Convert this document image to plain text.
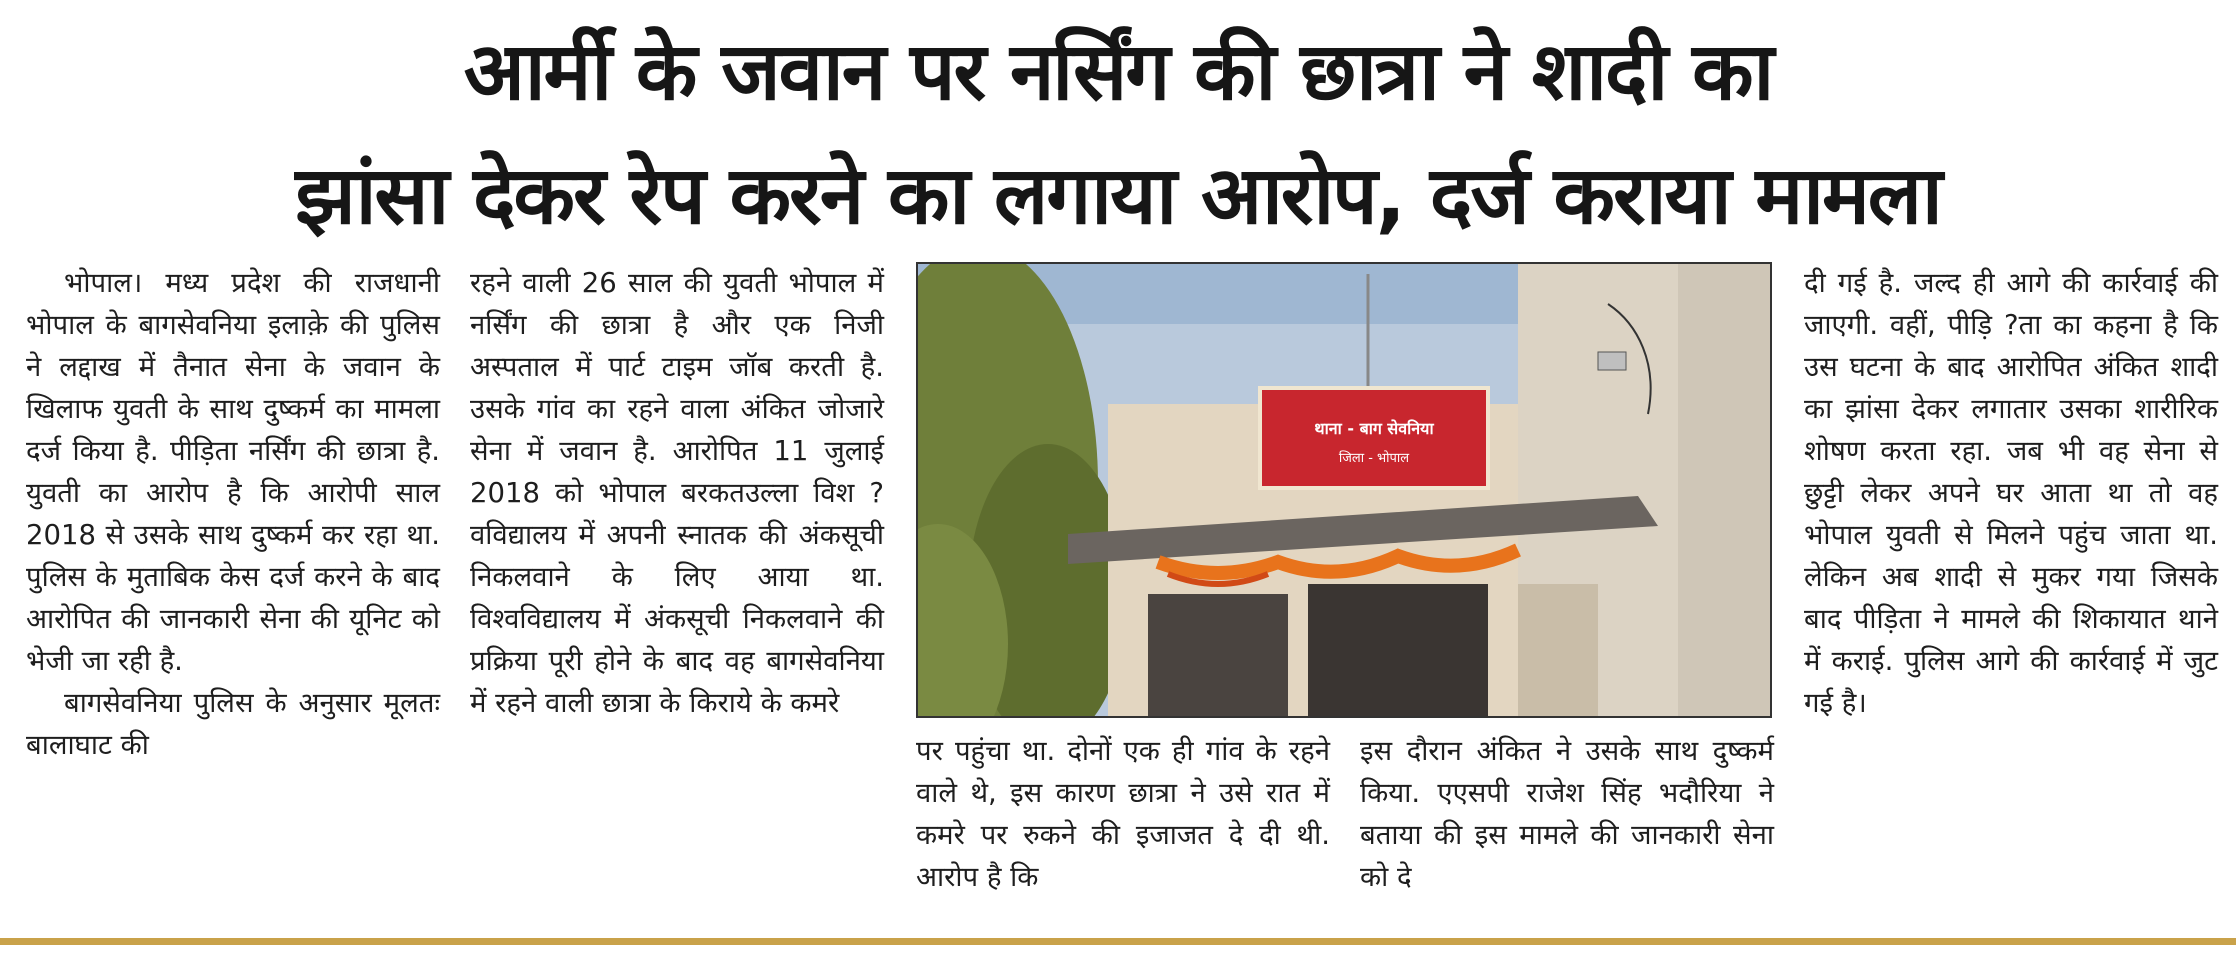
आर्मी के जवान पर नर्सिंग की छात्रा ने शादी का
झांसा देकर रेप करने का लगाया आरोप, दर्ज कराया मामला

भोपाल। मध्य प्रदेश की राजधानी भोपाल के बागसेवनिया इलाक़े की पुलिस ने लद्दाख में तैनात सेना के जवान के खिलाफ युवती के साथ दुष्कर्म का मामला दर्ज किया है. पीड़िता नर्सिंग की छात्रा है. युवती का आरोप है कि आरोपी साल 2018 से उसके साथ दुष्कर्म कर रहा था. पुलिस के मुताबिक केस दर्ज करने के बाद आरोपित की जानकारी सेना की यूनिट को भेजी जा रही है.

बागसेवनिया पुलिस के अनुसार मूलतः बालाघाट की

रहने वाली 26 साल की युवती भोपाल में नर्सिंग की छात्रा है और एक निजी अस्पताल में पार्ट टाइम जॉब करती है. उसके गांव का रहने वाला अंकित जोजारे सेना में जवान है. आरोपित 11 जुलाई 2018 को भोपाल बरकतउल्ला विश ?वविद्यालय में अपनी स्नातक की अंकसूची निकलवाने के लिए आया था. विश्वविद्यालय में अंकसूची निकलवाने की प्रक्रिया पूरी होने के बाद वह बागसेवनिया में रहने वाली छात्रा के किराये के कमरे

थाना - बाग सेवनिया
जिला - भोपाल

पर पहुंचा था. दोनों एक ही गांव के रहने वाले थे, इस कारण छात्रा ने उसे रात में कमरे पर रुकने की इजाजत दे दी थी. आरोप है कि

इस दौरान अंकित ने उसके साथ दुष्कर्म किया. एएसपी राजेश सिंह भदौरिया ने बताया की इस मामले की जानकारी सेना को दे

दी गई है. जल्द ही आगे की कार्रवाई की जाएगी. वहीं, पीड़ि ?ता का कहना है कि उस घटना के बाद आरोपित अंकित शादी का झांसा देकर लगातार उसका शारीरिक शोषण करता रहा. जब भी वह सेना से छुट्टी लेकर अपने घर आता था तो वह भोपाल युवती से मिलने पहुंच जाता था. लेकिन अब शादी से मुकर गया जिसके बाद पीड़िता ने मामले की शिकायात थाने में कराई. पुलिस आगे की कार्रवाई में जुट गई है।
